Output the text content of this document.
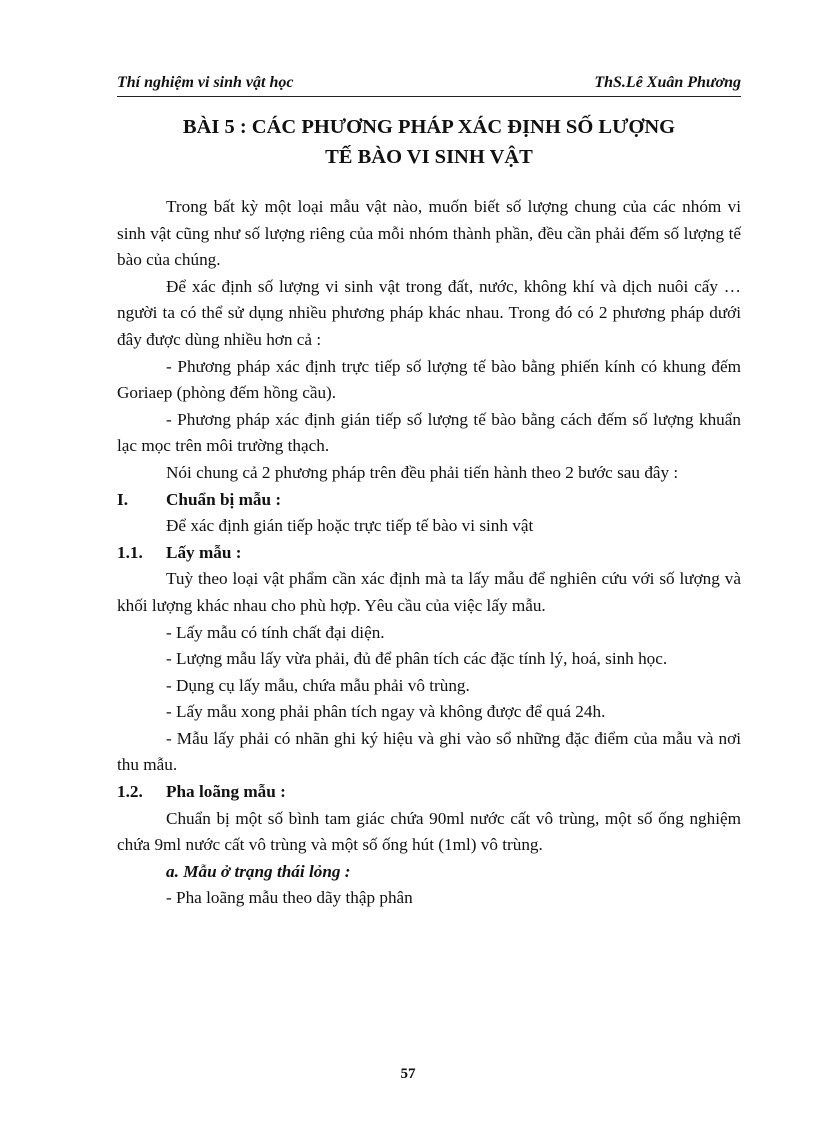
Thí nghiệm vi sinh vật học	ThS.Lê Xuân Phương
BÀI 5 : CÁC PHƯƠNG PHÁP XÁC ĐỊNH SỐ LƯỢNG
TẾ BÀO VI SINH VẬT

Trong bất kỳ một loại mẫu vật nào, muốn biết số lượng chung của các nhóm vi sinh vật cũng như số lượng riêng của mỗi nhóm thành phần, đều cần phải đếm số lượng tế bào của chúng.

Để xác định số lượng vi sinh vật trong đất, nước, không khí và dịch nuôi cấy … người ta có thể sử dụng nhiều phương pháp khác nhau. Trong đó có 2 phương pháp dưới đây được dùng nhiều hơn cả :

- Phương pháp xác định trực tiếp số lượng tế bào bằng phiến kính có khung đếm Goriaep (phòng đếm hồng cầu).

- Phương pháp xác định gián tiếp số lượng tế bào bằng cách đếm số lượng khuẩn lạc mọc trên môi trường thạch.

Nói chung cả 2 phương pháp trên đều phải tiến hành theo 2 bước sau đây :

I.	Chuẩn bị mẫu :

Để xác định gián tiếp hoặc trực tiếp tế bào vi sinh vật

1.1.	Lấy mẫu :

Tuỳ theo loại vật phẩm cần xác định mà ta lấy mẫu để nghiên cứu với số lượng và khối lượng khác nhau cho phù hợp. Yêu cầu của việc lấy mẫu.

- Lấy mẫu có tính chất đại diện.

- Lượng mẫu lấy vừa phải, đủ để phân tích các đặc tính lý, hoá, sinh học.

- Dụng cụ lấy mẫu, chứa mẫu phải vô trùng.

- Lấy mẫu xong phải phân tích ngay và không được để quá 24h.

- Mẫu lấy phải có nhãn ghi ký hiệu và ghi vào sổ những đặc điểm của mẫu và nơi thu mẫu.

1.2.	Pha loãng mẫu :

Chuẩn bị một số bình tam giác chứa 90ml nước cất vô trùng, một số ống nghiệm chứa 9ml nước cất vô trùng và một số ống hút (1ml) vô trùng.

a. Mẫu ở trạng thái lỏng :

- Pha loãng mẫu theo dãy thập phân

57
